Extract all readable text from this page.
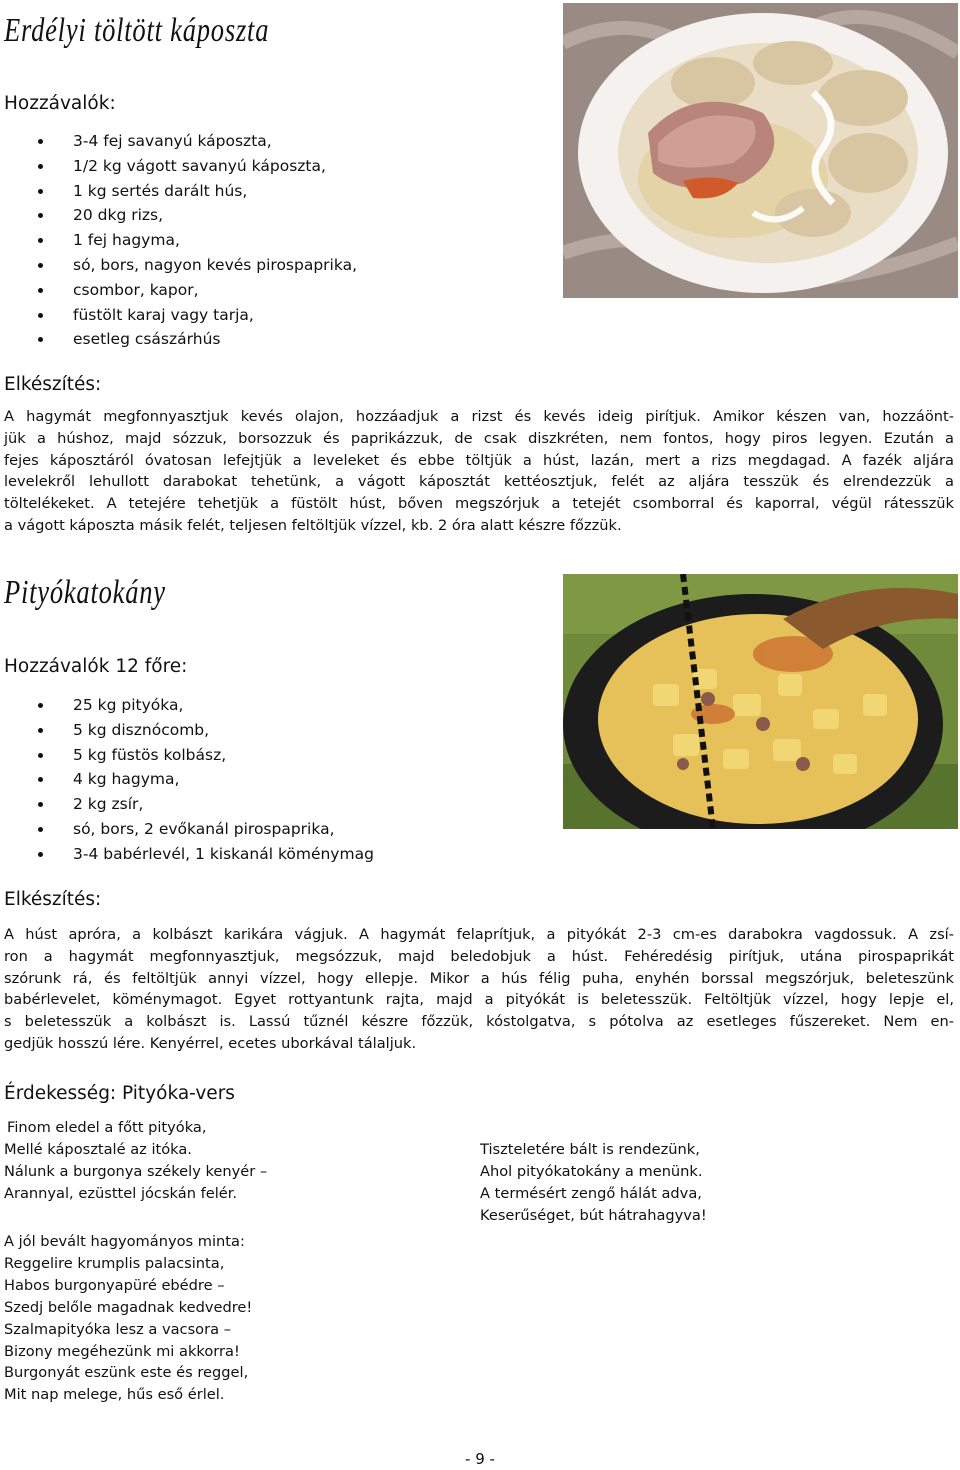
Erdélyi töltött káposzta
Hozzávalók:
3-4 fej savanyú káposzta,
1/2 kg vágott savanyú káposzta,
1 kg sertés darált hús,
20 dkg rizs,
1 fej hagyma,
só, bors, nagyon kevés pirospaprika,
csombor, kapor,
füstölt karaj vagy tarja,
esetleg császárhús
Elkészítés:
A hagymát megfonnyasztjuk kevés olajon, hozzáadjuk a rizst és kevés ideig pirítjuk. Amikor készen van, hozzáönt-
jük a húshoz, majd sózzuk, borsozzuk és paprikázzuk, de csak diszkréten, nem fontos, hogy piros legyen. Ezután a
fejes káposztáról óvatosan lefejtjük a leveleket és ebbe töltjük a húst, lazán, mert a rizs megdagad. A fazék aljára
levelekről lehullott darabokat tehetünk, a vágott káposztát kettéosztjuk, felét az aljára tesszük és elrendezzük a
töltelékeket. A tetejére tehetjük a füstölt húst, bőven megszórjuk a tetejét csomborral és kaporral, végül rátesszük
a vágott káposzta másik felét, teljesen feltöltjük vízzel, kb. 2 óra alatt készre főzzük.
Pityókatokány
Hozzávalók 12 főre:
25 kg pityóka,
5 kg disznócomb,
5 kg füstös kolbász,
4 kg hagyma,
2 kg zsír,
só, bors, 2 evőkanál pirospaprika,
3-4 babérlevél, 1 kiskanál köménymag
Elkészítés:
A húst apróra, a kolbászt karikára vágjuk. A hagymát felaprítjuk, a pityókát 2-3 cm-es darabokra vagdossuk. A zsí-
ron a hagymát megfonnyasztjuk, megsózzuk, majd beledobjuk a húst. Fehéredésig pirítjuk, utána pirospaprikát
szórunk rá, és feltöltjük annyi vízzel, hogy ellepje. Mikor a hús félig puha, enyhén borssal megszórjuk, beleteszünk
babérlevelet, köménymagot. Egyet rottyantunk rajta, majd a pityókát is beletesszük. Feltöltjük vízzel, hogy lepje el,
s beletesszük a kolbászt is. Lassú tűznél készre főzzük, kóstolgatva, s pótolva az esetleges fűszereket. Nem en-
gedjük hosszú lére. Kenyérrel, ecetes uborkával tálaljuk.
Érdekesség: Pityóka-vers
Finom eledel a főtt pityóka,
Mellé káposztalé az itóka.
Nálunk a burgonya székely kenyér –
Arannyal, ezüsttel jócskán felér.
Tiszteletére bált is rendezünk,
Ahol pityókatokány a menünk.
A termésért zengő hálát adva,
Keserűséget, bút hátrahagyva!
A jól bevált hagyományos minta:
Reggelire krumplis palacsinta,
Habos burgonyapüré ebédre –
Szedj belőle magadnak kedvedre!
Szalmapityóka lesz a vacsora –
Bizony megéhezünk mi akkorra!
Burgonyát eszünk este és reggel,
Mit nap melege, hűs eső érlel.
- 9 -
